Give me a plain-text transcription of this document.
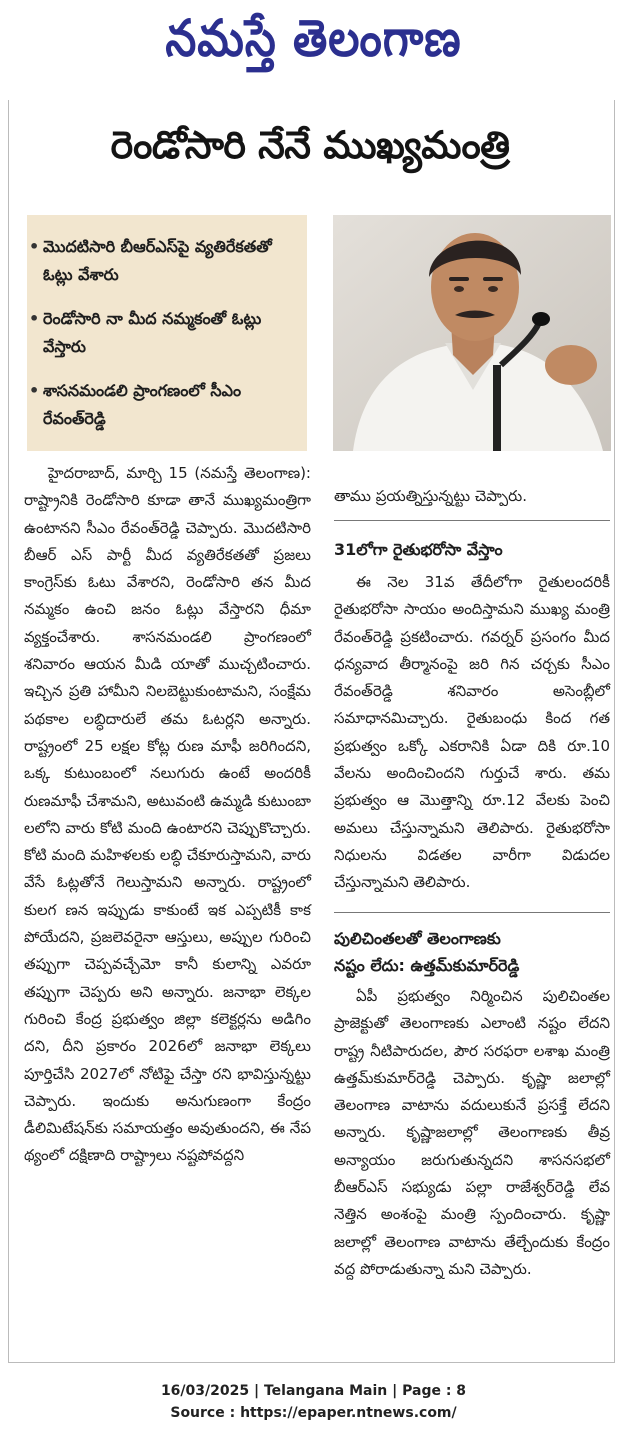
నమస్తే తెలంగాణ
రెండోసారి నేనే ముఖ్యమంత్రి
• మొదటిసారి బీఆర్ఎస్‌పై వ్యతిరేకతతో ఓట్లు వేశారు
• రెండోసారి నా మీద నమ్మకంతో ఓట్లు వేస్తారు
• శాసనమండలి ప్రాంగణంలో సీఎం రేవంత్‌రెడ్డి
హైదరాబాద్, మార్చి 15 (నమస్తే తెలంగాణ): రాష్ట్రానికి రెండోసారి కూడా తానే ముఖ్యమంత్రిగా ఉంటానని సీఎం రేవంత్‌రెడ్డి చెప్పారు. మొదటిసారి బీఆర్ ఎస్ పార్టీ మీద వ్యతిరేకతతో ప్రజలు కాంగ్రెస్‌కు ఓటు వేశారని, రెండోసారి తన మీద నమ్మకం ఉంచి జనం ఓట్లు వేస్తారని ధీమా వ్యక్తంచేశారు. శాసనమండలి ప్రాంగణంలో శనివారం ఆయన మీడి యాతో ముచ్చటించారు. ఇచ్చిన ప్రతి హామీని నిలబెట్టుకుంటామని, సంక్షేమ పథకాల లబ్ధిదారులే తమ ఓటర్లని అన్నారు. రాష్ట్రంలో 25 లక్షల కోట్ల రుణ మాఫీ జరిగిందని, ఒక్క కుటుంబంలో నలుగురు ఉంటే అందరికీ రుణమాఫీ చేశామని, అటువంటి ఉమ్మడి కుటుంబా లలోని వారు కోటి మంది ఉంటారని చెప్పుకొచ్చారు. కోటి మంది మహిళలకు లబ్ధి చేకూరుస్తామని, వారు వేసే ఓట్లతోనే గెలుస్తామని అన్నారు. రాష్ట్రంలో కులగ ణన ఇప్పుడు కాకుంటే ఇక ఎప్పటికీ కాక పోయేదని, ప్రజలెవరైనా ఆస్తులు, అప్పుల గురించి తప్పుగా చెప్పవచ్చేమో కానీ కులాన్ని ఎవరూ తప్పుగా చెప్పరు అని అన్నారు. జనాభా లెక్కల గురించి కేంద్ర ప్రభుత్వం జిల్లా కలెక్టర్లను అడిగిం దని, దీని ప్రకారం 2026లో జనాభా లెక్కలు పూర్తిచేసి 2027లో నోటిఫై చేస్తా రని భావిస్తున్నట్టు చెప్పారు. ఇందుకు అనుగుణంగా కేంద్రం డీలిమిటేషన్‌కు సమాయత్తం అవుతుందని, ఈ నేప థ్యంలో దక్షిణాది రాష్ట్రాలు నష్టపోవద్దని
తాము ప్రయత్నిస్తున్నట్టు చెప్పారు.
31లోగా రైతుభరోసా వేస్తాం
ఈ నెల 31వ తేదీలోగా రైతులందరికీ రైతుభరోసా సాయం అందిస్తామని ముఖ్య మంత్రి రేవంత్‌రెడ్డి ప్రకటించారు. గవర్నర్ ప్రసంగం మీద ధన్యవాద తీర్మానంపై జరి గిన చర్చకు సీఎం రేవంత్‌రెడ్డి శనివారం అసెంబ్లీలో సమాధానమిచ్చారు. రైతుబంధు కింద గత ప్రభుత్వం ఒక్కో ఎకరానికి ఏడా దికి రూ.10 వేలను అందించిందని గుర్తుచే శారు. తమ ప్రభుత్వం ఆ మొత్తాన్ని రూ.12 వేలకు పెంచి అమలు చేస్తున్నామని తెలిపారు. రైతుభరోసా నిధులను విడతల వారీగా విడుదల చేస్తున్నామని తెలిపారు.
పులిచింతలతో తెలంగాణకు
నష్టం లేదు: ఉత్తమ్‌కుమార్‌రెడ్డి
ఏపీ ప్రభుత్వం నిర్మించిన పులిచింతల ప్రాజెక్టుతో తెలంగాణకు ఎలాంటి నష్టం లేదని రాష్ట్ర నీటిపారుదల, పౌర సరఫరా లశాఖ మంత్రి ఉత్తమ్‌కుమార్‌రెడ్డి చెప్పారు. కృష్ణా జలాల్లో తెలంగాణ వాటాను వదులుకునే ప్రసక్తే లేదని అన్నారు. కృష్ణాజలాల్లో తెలంగాణకు తీవ్ర అన్యాయం జరుగుతున్నదని శాసనసభలో బీఆర్ఎస్ సభ్యుడు పల్లా రాజేశ్వర్‌రెడ్డి లేవ నెత్తిన అంశంపై మంత్రి స్పందించారు. కృష్ణా జలాల్లో తెలంగాణ వాటాను తేల్చేందుకు కేంద్రం వద్ద పోరాడుతున్నా మని చెప్పారు.
16/03/2025 | Telangana Main | Page : 8
Source : https://epaper.ntnews.com/
